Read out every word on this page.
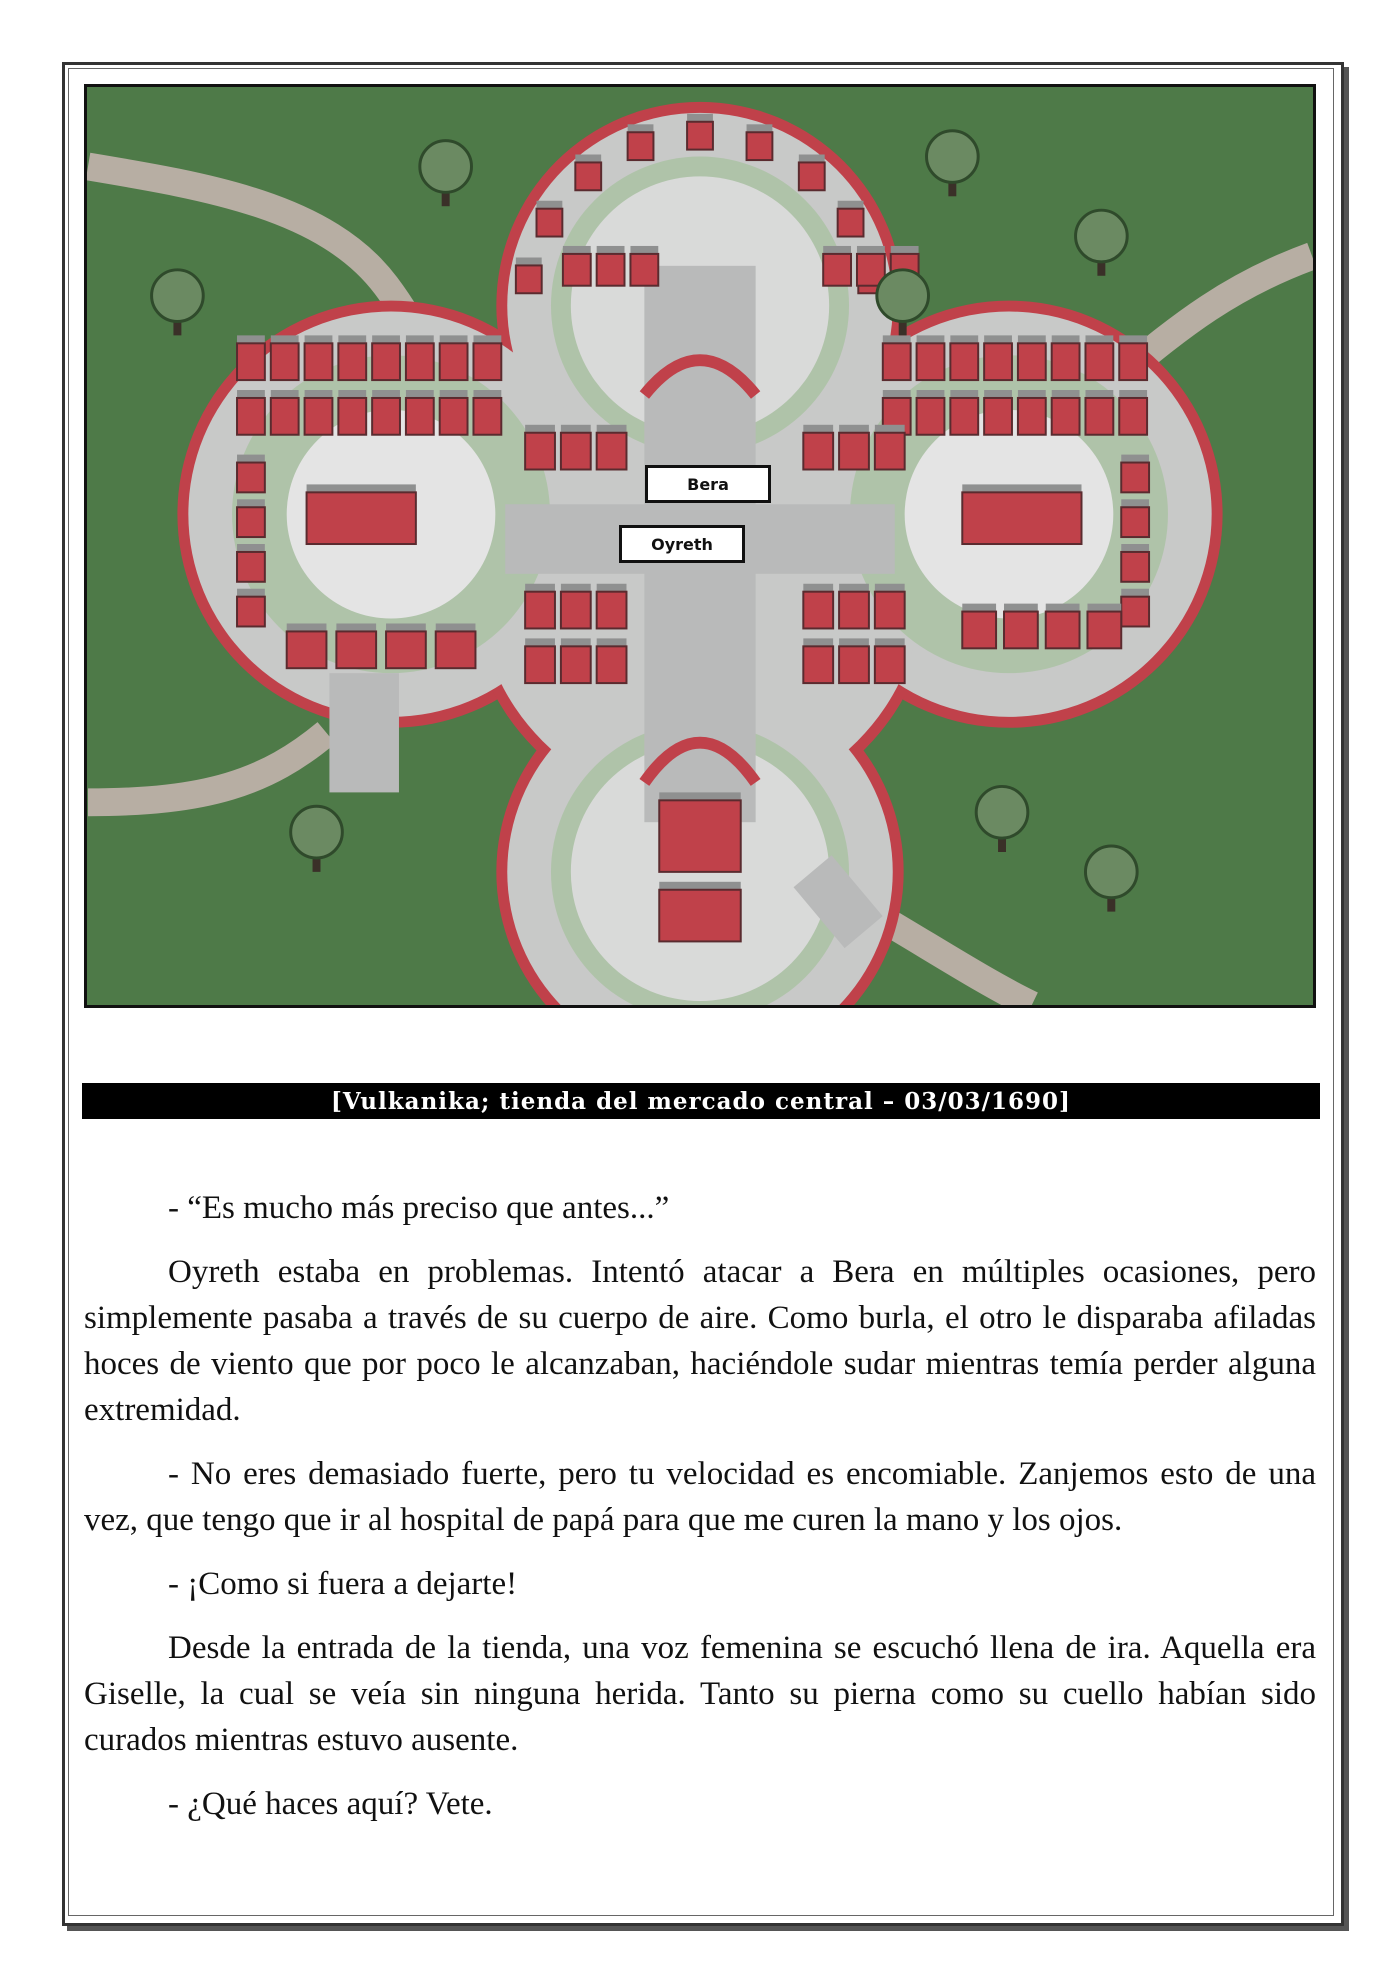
Bera
Oyreth
[Vulkanika; tienda del mercado central – 03/03/1690]

- “Es mucho más preciso que antes...”

Oyreth estaba en problemas. Intentó atacar a Bera en múltiples ocasiones, pero simplemente pasaba a través de su cuerpo de aire. Como burla, el otro le disparaba afiladas hoces de viento que por poco le alcanzaban, haciéndole sudar mientras temía perder alguna extremidad.

- No eres demasiado fuerte, pero tu velocidad es encomiable. Zanjemos esto de una vez, que tengo que ir al hospital de papá para que me curen la mano y los ojos.

- ¡Como si fuera a dejarte!

Desde la entrada de la tienda, una voz femenina se escuchó llena de ira. Aquella era Giselle, la cual se veía sin ninguna herida. Tanto su pierna como su cuello habían sido curados mientras estuvo ausente.

- ¿Qué haces aquí? Vete.
